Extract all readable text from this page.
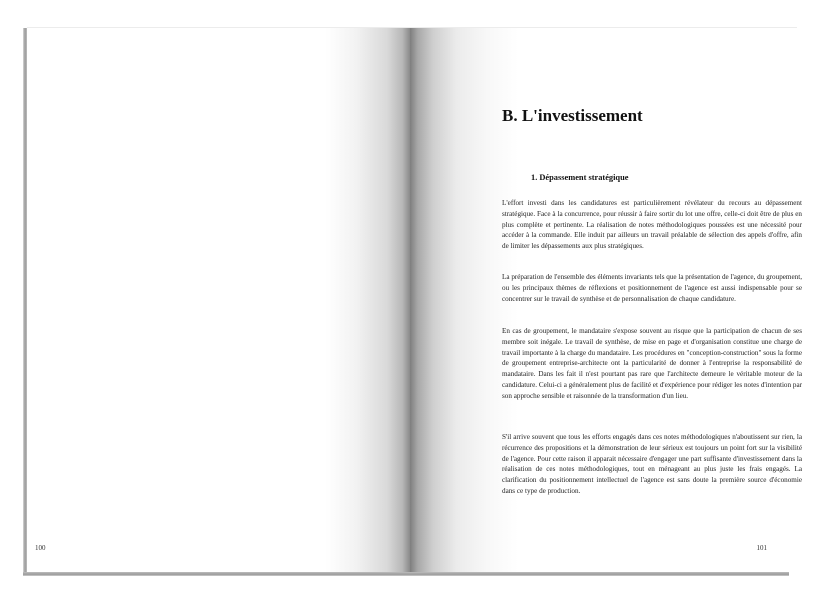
100
B. L'investissement
1. Dépassement stratégique

L'effort investi dans les candidatures est particulièrement révélateur du recours au dépassement stratégique. Face à la concurrence, pour réussir à faire sortir du lot une offre, celle-ci doit être de plus en plus complète et pertinente. La réalisation de notes méthodologiques poussées est une nécessité pour accéder à la commande. Elle induit par ailleurs un travail préalable de sélection des appels d'offre, afin de limiter les dépassements aux plus stratégiques.

La préparation de l'ensemble des éléments invariants tels que la présentation de l'agence, du groupement, ou les principaux thèmes de réflexions et positionnement de l'agence est aussi indispensable pour se concentrer sur le travail de synthèse et de personnalisation de chaque candidature.

En cas de groupement, le mandataire s'expose souvent au risque que la participation de chacun de ses membre soit inégale. Le travail de synthèse, de mise en page et d'organisation constitue une charge de travail importante à la charge du mandataire. Les procédures en "conception-construction" sous la forme de groupement entreprise-architecte ont la particularité de donner à l'entreprise la responsabilité de mandataire. Dans les fait il n'est pourtant pas rare que l'architecte demeure le véritable moteur de la candidature. Celui-ci a généralement plus de facilité et d'expérience pour rédiger les notes d'intention par son approche sensible et raisonnée de la transformation d'un lieu.

S'il arrive souvent que tous les efforts engagés dans ces notes méthodologiques n'aboutissent sur rien, la récurrence des propositions et la démonstration de leur sérieux est toujours un point fort sur la visibilité de l'agence. Pour cette raison il apparait nécessaire d'engager une part suffisante d'investissement dans la réalisation de ces notes méthodologiques, tout en ménageant au plus juste les frais engagés. La clarification du positionnement intellectuel de l'agence est sans doute la première source d'économie dans ce type de production.

101
